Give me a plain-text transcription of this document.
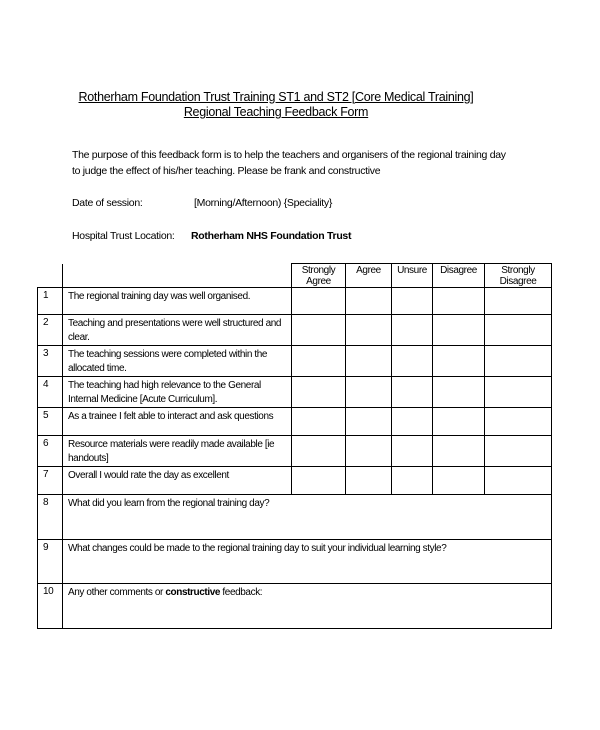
Rotherham Foundation Trust Training ST1 and ST2 [Core Medical Training]
Regional Teaching Feedback Form
The purpose of this feedback form is to help the teachers and organisers of the regional training day to judge the effect of his/her teaching. Please be frank and constructive
Date of session:	[Morning/Afternoon) {Speciality}
Hospital Trust Location: Rotherham NHS Foundation Trust
		Strongly Agree	Agree	Unsure	Disagree	Strongly Disagree
1	The regional training day was well organised.					
2	Teaching and presentations were well structured and clear.					
3	The teaching sessions were completed within the allocated time.					
4	The teaching had high relevance to the General Internal Medicine [Acute Curriculum].					
5	As a trainee I felt able to interact and ask questions					
6	Resource materials were readily made available [ie handouts]					
7	Overall I would rate the day as excellent					
8	What did you learn from the regional training day?					
9	What changes could be made to the regional training day to suit your individual learning style?					
10	Any other comments or constructive feedback:					
